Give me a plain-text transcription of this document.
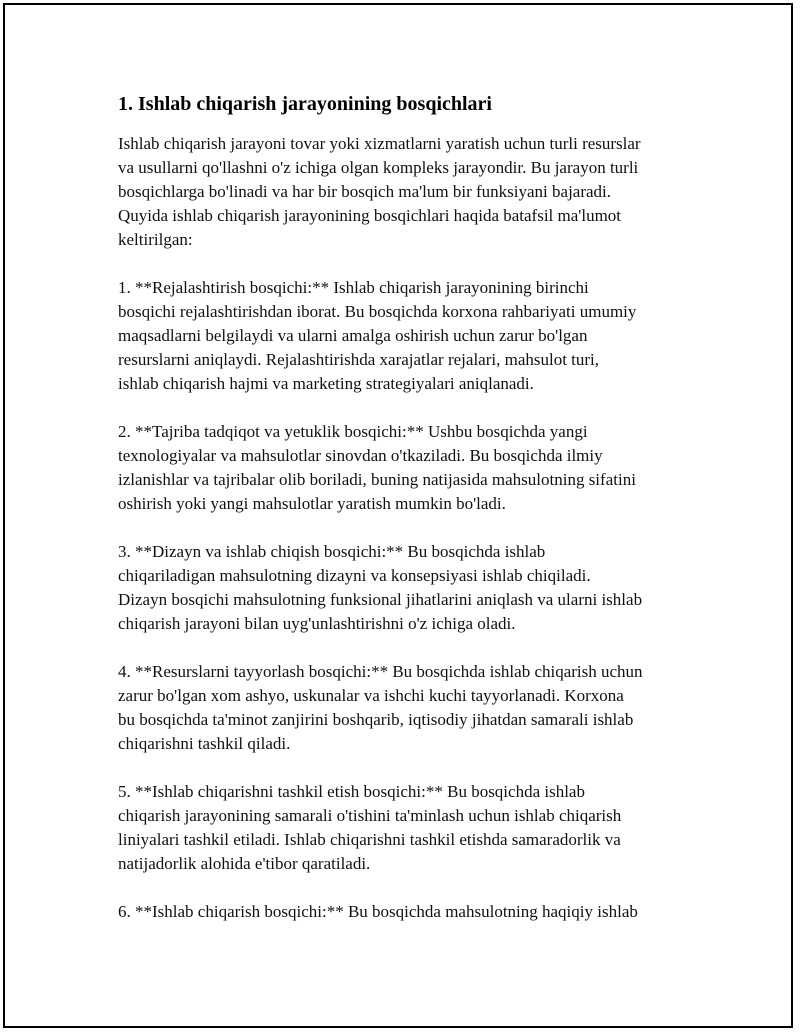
1. Ishlab chiqarish jarayonining bosqichlari

Ishlab chiqarish jarayoni tovar yoki xizmatlarni yaratish uchun turli resurslar
va usullarni qo'llashni o'z ichiga olgan kompleks jarayondir. Bu jarayon turli
bosqichlarga bo'linadi va har bir bosqich ma'lum bir funksiyani bajaradi.
Quyida ishlab chiqarish jarayonining bosqichlari haqida batafsil ma'lumot
keltirilgan:

1. **Rejalashtirish bosqichi:** Ishlab chiqarish jarayonining birinchi
bosqichi rejalashtirishdan iborat. Bu bosqichda korxona rahbariyati umumiy
maqsadlarni belgilaydi va ularni amalga oshirish uchun zarur bo'lgan
resurslarni aniqlaydi. Rejalashtirishda xarajatlar rejalari, mahsulot turi,
ishlab chiqarish hajmi va marketing strategiyalari aniqlanadi.

2. **Tajriba tadqiqot va yetuklik bosqichi:** Ushbu bosqichda yangi
texnologiyalar va mahsulotlar sinovdan o'tkaziladi. Bu bosqichda ilmiy
izlanishlar va tajribalar olib boriladi, buning natijasida mahsulotning sifatini
oshirish yoki yangi mahsulotlar yaratish mumkin bo'ladi.

3. **Dizayn va ishlab chiqish bosqichi:** Bu bosqichda ishlab
chiqariladigan mahsulotning dizayni va konsepsiyasi ishlab chiqiladi.
Dizayn bosqichi mahsulotning funksional jihatlarini aniqlash va ularni ishlab
chiqarish jarayoni bilan uyg'unlashtirishni o'z ichiga oladi.

4. **Resurslarni tayyorlash bosqichi:** Bu bosqichda ishlab chiqarish uchun
zarur bo'lgan xom ashyo, uskunalar va ishchi kuchi tayyorlanadi. Korxona
bu bosqichda ta'minot zanjirini boshqarib, iqtisodiy jihatdan samarali ishlab
chiqarishni tashkil qiladi.

5. **Ishlab chiqarishni tashkil etish bosqichi:** Bu bosqichda ishlab
chiqarish jarayonining samarali o'tishini ta'minlash uchun ishlab chiqarish
liniyalari tashkil etiladi. Ishlab chiqarishni tashkil etishda samaradorlik va
natijadorlik alohida e'tibor qaratiladi.

6. **Ishlab chiqarish bosqichi:** Bu bosqichda mahsulotning haqiqiy ishlab
